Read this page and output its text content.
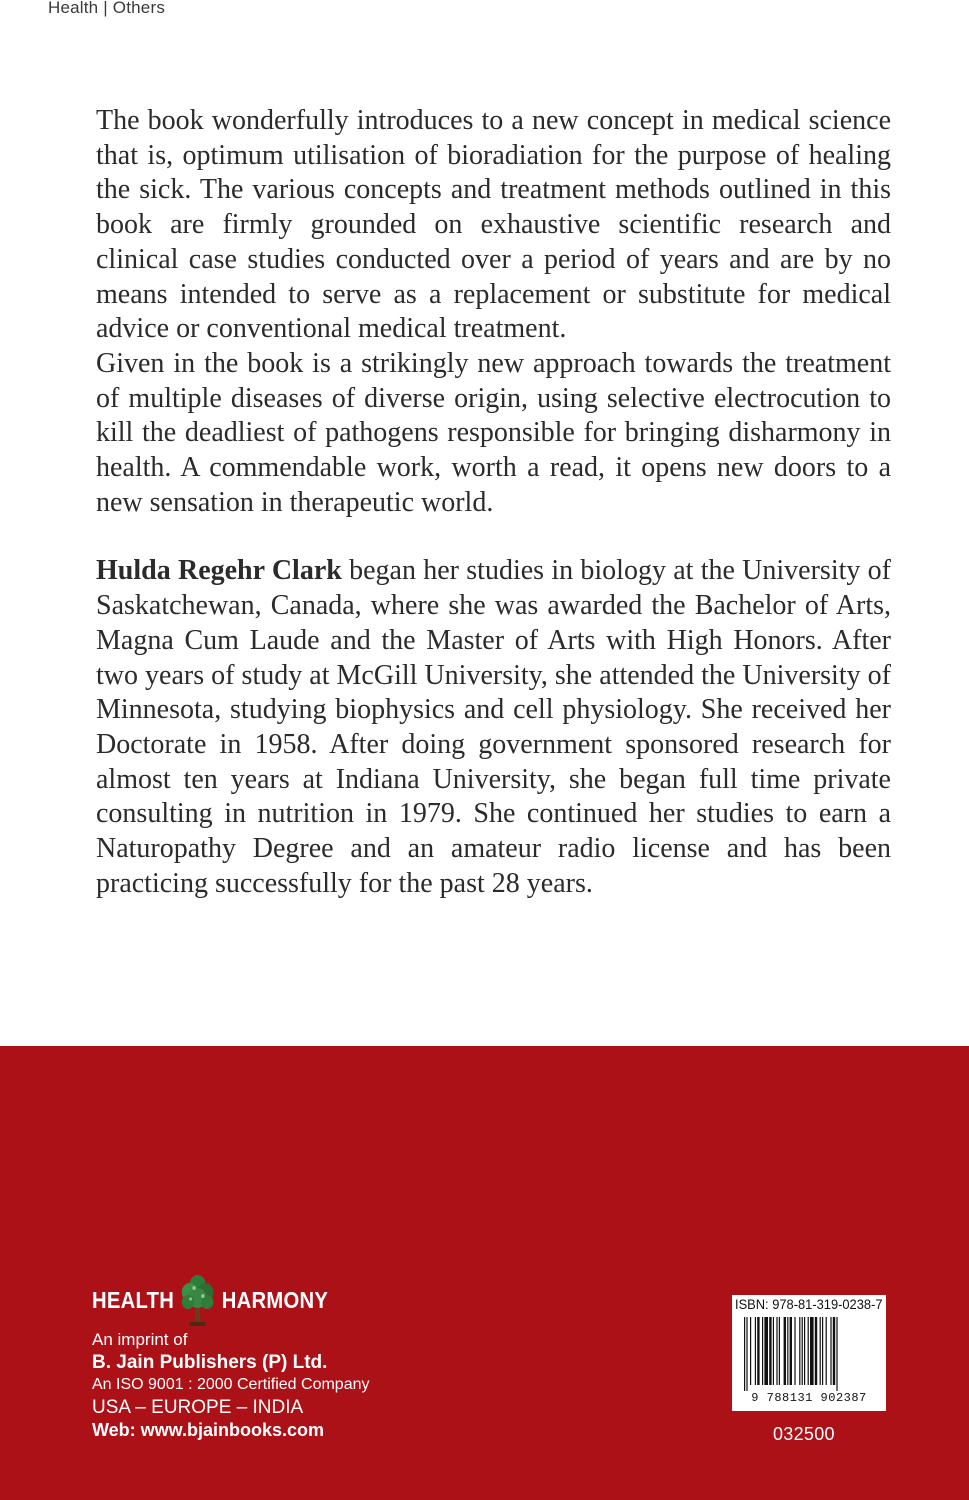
Health | Others

The book wonderfully introduces to a new concept in medical science that is, optimum utilisation of bioradiation for the purpose of healing the sick. The various concepts and treatment methods outlined in this book are firmly grounded on exhaustive scientific research and clinical case studies conducted over a period of years and are by no means intended to serve as a replacement or substitute for medical advice or conventional medical treatment.

Given in the book is a strikingly new approach towards the treatment of multiple diseases of diverse origin, using selective electrocution to kill the deadliest of pathogens responsible for bringing disharmony in health. A commendable work, worth a read, it opens new doors to a new sensation in therapeutic world.

Hulda Regehr Clark began her studies in biology at the University of Saskatchewan, Canada, where she was awarded the Bachelor of Arts, Magna Cum Laude and the Master of Arts with High Honors. After two years of study at McGill University, she attended the University of Minnesota, studying biophysics and cell physiology. She received her Doctorate in 1958. After doing government sponsored research for almost ten years at Indiana University, she began full time private consulting in nutrition in 1979. She continued her studies to earn a Naturopathy Degree and an amateur radio license and has been practicing successfully for the past 28 years.

HEALTH HARMONY
An imprint of
B. Jain Publishers (P) Ltd.
An ISO 9001 : 2000 Certified Company
USA – EUROPE – INDIA
Web: www.bjainbooks.com
ISBN: 978-81-319-0238-7
9 788131 902387
032500
